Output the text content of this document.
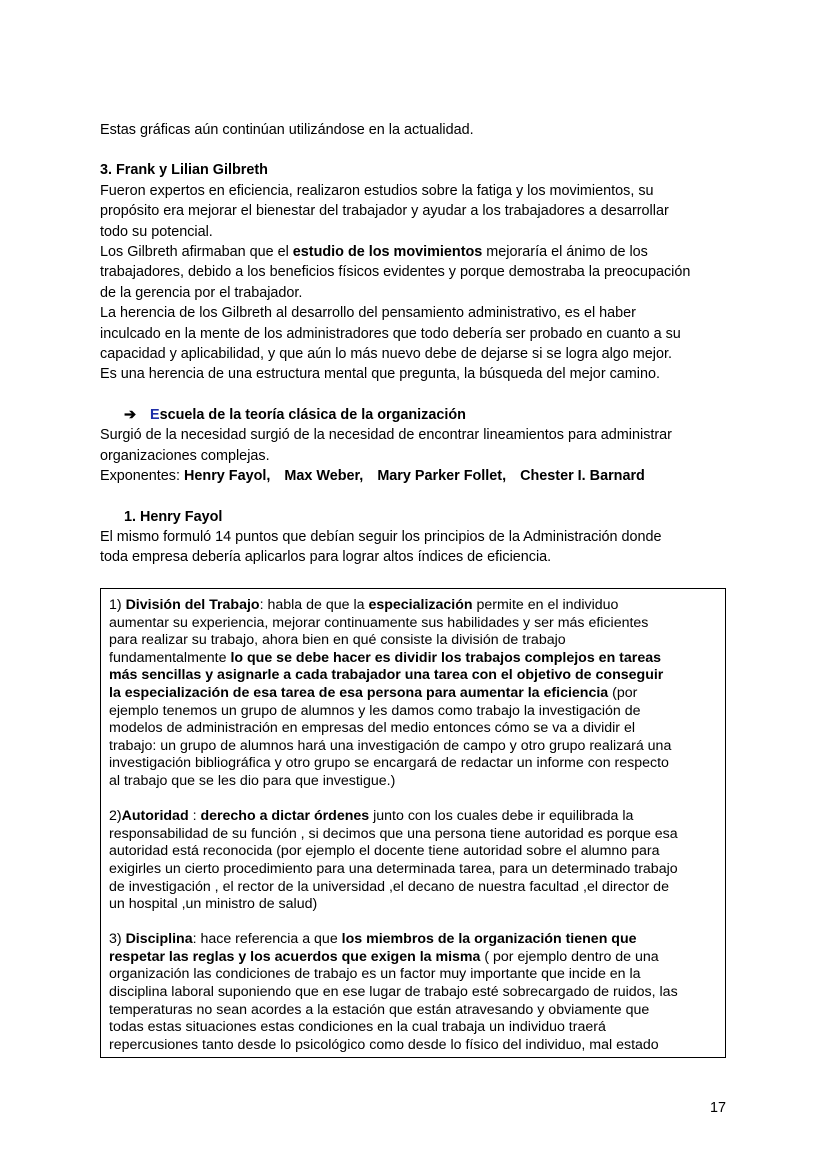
Estas gráficas aún continúan utilizándose en la actualidad.

3. Frank y Lilian Gilbreth

Fueron expertos en eficiencia, realizaron estudios sobre la fatiga y los movimientos, su

propósito era mejorar el bienestar del trabajador y ayudar a los trabajadores a desarrollar

todo su potencial.

Los Gilbreth afirmaban que el estudio de los movimientos mejoraría el ánimo de los

trabajadores, debido a los beneficios físicos evidentes y porque demostraba la preocupación

de la gerencia por el trabajador.

La herencia de los Gilbreth al desarrollo del pensamiento administrativo, es el haber

inculcado en la mente de los administradores que todo debería ser probado en cuanto a su

capacidad y aplicabilidad, y que aún lo más nuevo debe de dejarse si se logra algo mejor.

Es una herencia de una estructura mental que pregunta, la búsqueda del mejor camino.

➔ Escuela de la teoría clásica de la organización

Surgió de la necesidad surgió de la necesidad de encontrar lineamientos para administrar

organizaciones complejas.

Exponentes: Henry Fayol, Max Weber, Mary Parker Follet, Chester I. Barnard

1. Henry Fayol

El mismo formuló 14 puntos que debían seguir los principios de la Administración donde

toda empresa debería aplicarlos para lograr altos índices de eficiencia.

1) División del Trabajo: habla de que la especialización permite en el individuo

aumentar su experiencia, mejorar continuamente sus habilidades y ser más eficientes

para realizar su trabajo, ahora bien en qué consiste la división de trabajo

fundamentalmente lo que se debe hacer es dividir los trabajos complejos en tareas

más sencillas y asignarle a cada trabajador una tarea con el objetivo de conseguir

la especialización de esa tarea de esa persona para aumentar la eficiencia (por

ejemplo tenemos un grupo de alumnos y les damos como trabajo la investigación de

modelos de administración en empresas del medio entonces cómo se va a dividir el

trabajo: un grupo de alumnos hará una investigación de campo y otro grupo realizará una

investigación bibliográfica y otro grupo se encargará de redactar un informe con respecto

al trabajo que se les dio para que investigue.)

2)Autoridad : derecho a dictar órdenes junto con los cuales debe ir equilibrada la

responsabilidad de su función , si decimos que una persona tiene autoridad es porque esa

autoridad está reconocida (por ejemplo el docente tiene autoridad sobre el alumno para

exigirles un cierto procedimiento para una determinada tarea, para un determinado trabajo

de investigación , el rector de la universidad ,el decano de nuestra facultad ,el director de

un hospital ,un ministro de salud)

3) Disciplina: hace referencia a que los miembros de la organización tienen que

respetar las reglas y los acuerdos que exigen la misma ( por ejemplo dentro de una

organización las condiciones de trabajo es un factor muy importante que incide en la

disciplina laboral suponiendo que en ese lugar de trabajo esté sobrecargado de ruidos, las

temperaturas no sean acordes a la estación que están atravesando y obviamente que

todas estas situaciones estas condiciones en la cual trabaja un individuo traerá

repercusiones tanto desde lo psicológico como desde lo físico del individuo, mal estado

17
